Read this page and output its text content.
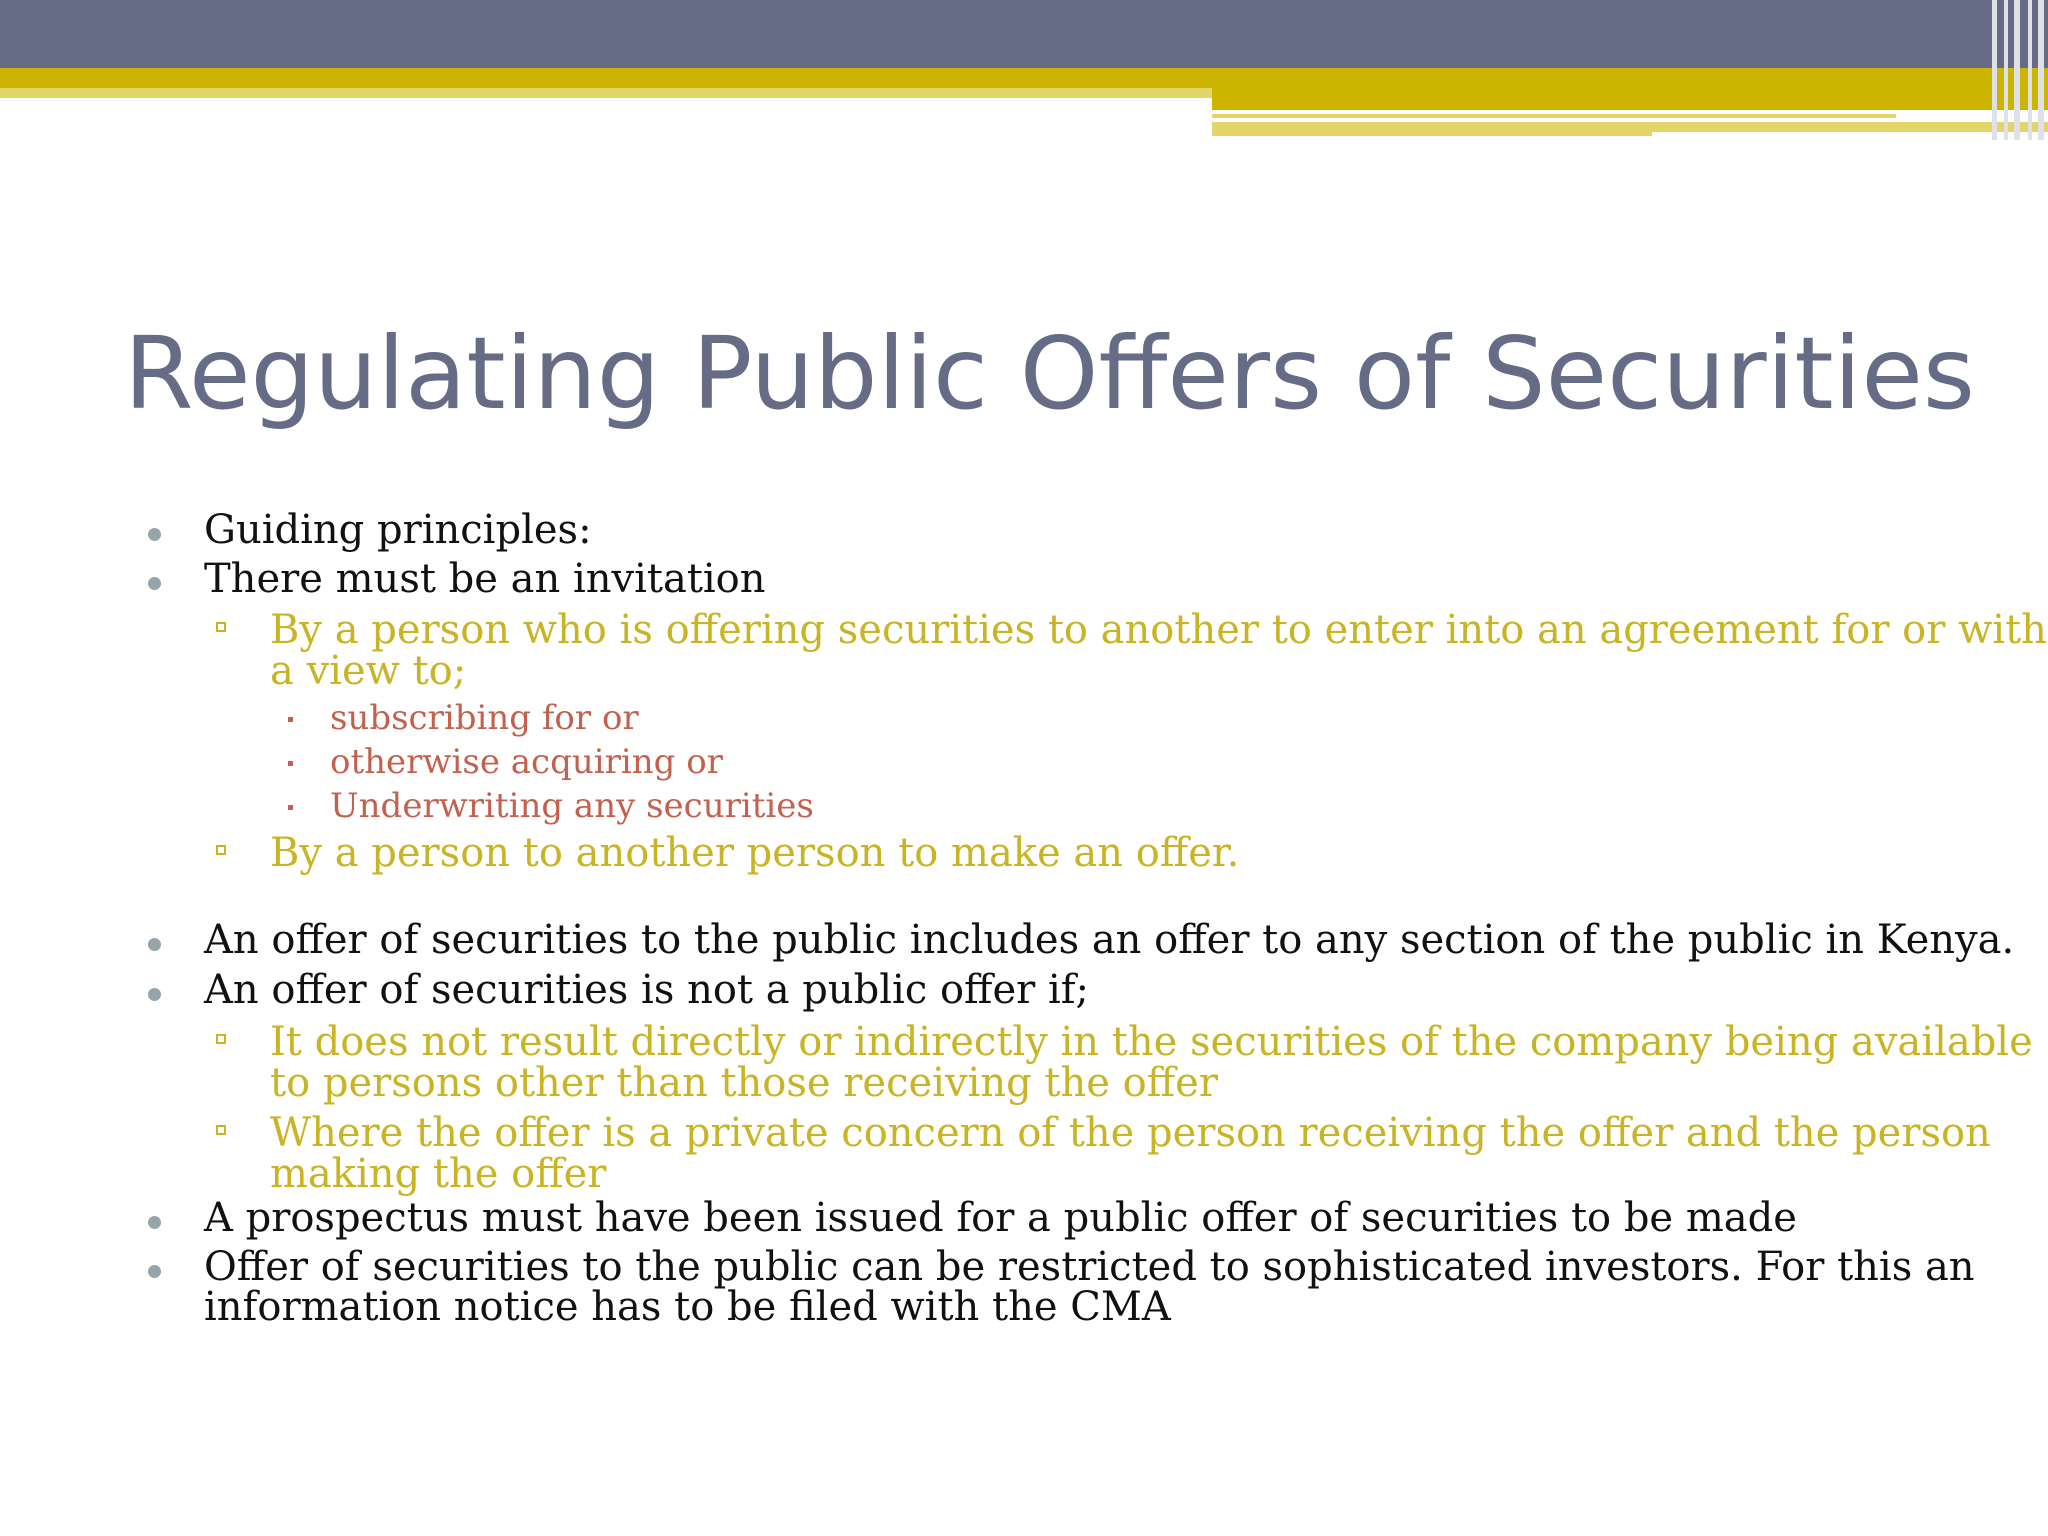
Regulating Public Offers of Securities
Guiding principles:
There must be an invitation
By a person who is offering securities to another to enter into an agreement for or with
a view to;
subscribing for or
otherwise acquiring or
Underwriting any securities
By a person to another person to make an offer.
An offer of securities to the public includes an offer to any section of the public in Kenya.
An offer of securities is not a public offer if;
It does not result directly or indirectly in the securities of the company being available
to persons other than those receiving the offer
Where the offer is a private concern of the person receiving the offer and the person
making the offer
A prospectus must have been issued for a public offer of securities to be made
Offer of securities to the public can be restricted to sophisticated investors. For this an
information notice has to be filed with the CMA
